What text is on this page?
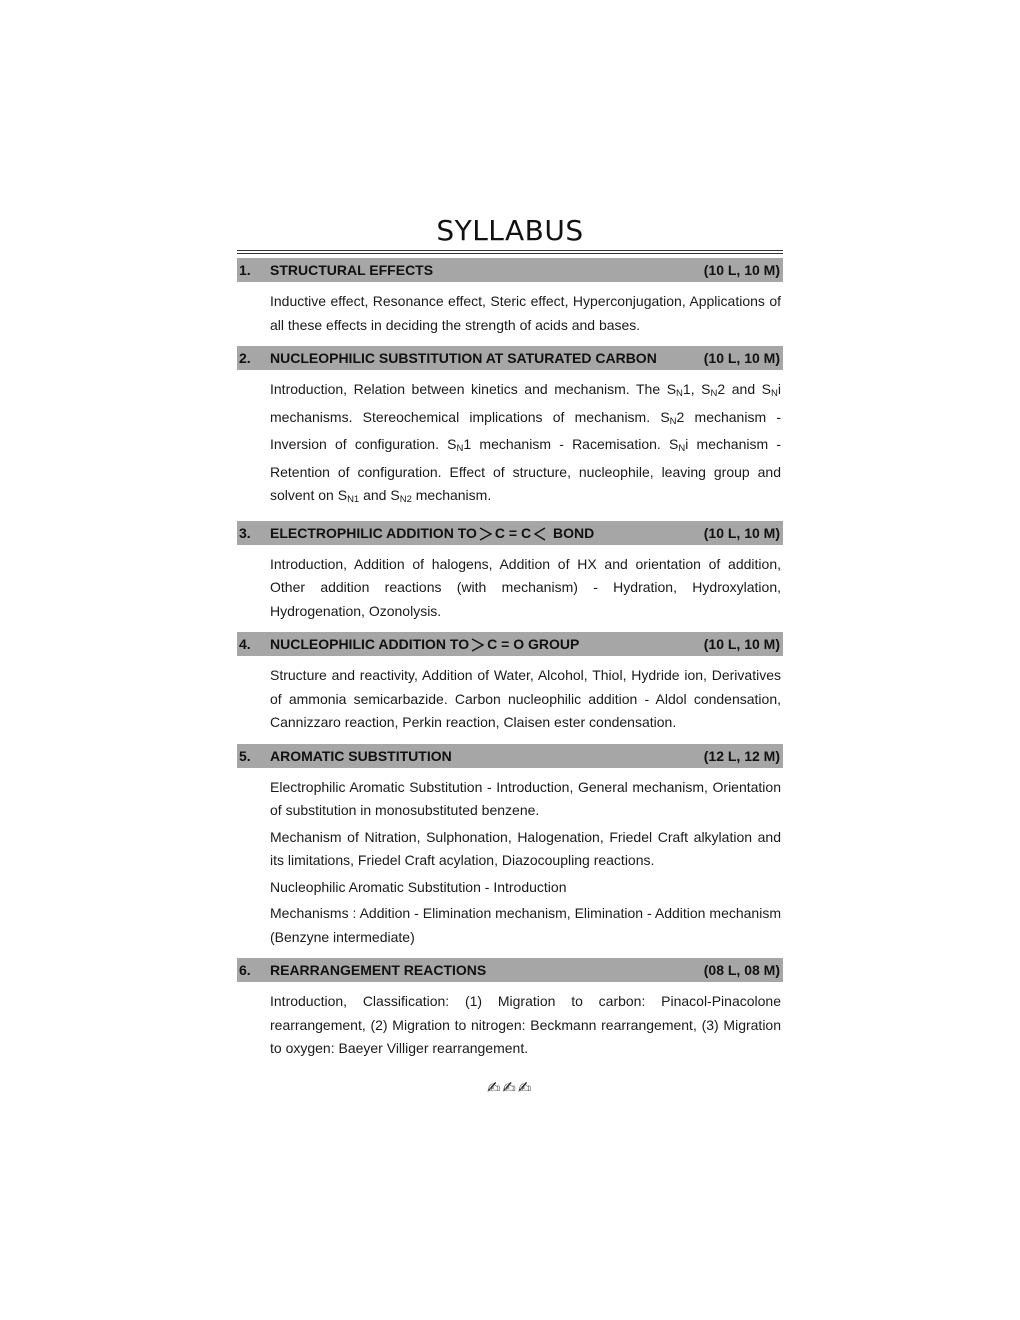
SYLLABUS
1. STRUCTURAL EFFECTS	(10 L, 10 M)

Inductive effect, Resonance effect, Steric effect, Hyperconjugation, Applications of all these effects in deciding the strength of acids and bases.

2. NUCLEOPHILIC SUBSTITUTION AT SATURATED CARBON	(10 L, 10 M)

Introduction, Relation between kinetics and mechanism. The $S_N1$, $S_N2$ and $S_Ni$ mechanisms. Stereochemical implications of mechanism. $S_N2$ mechanism - Inversion of configuration. $S_N1$ mechanism - Racemisation. $S_Ni$ mechanism - Retention of configuration. Effect of structure, nucleophile, leaving group and solvent on $S_{N1}$ and $S_{N2}$ mechanism.

3. ELECTROPHILIC ADDITION TO C = C BOND	(10 L, 10 M)

Introduction, Addition of halogens, Addition of HX and orientation of addition, Other addition reactions (with mechanism) - Hydration, Hydroxylation, Hydrogenation, Ozonolysis.

4. NUCLEOPHILIC ADDITION TO C = O GROUP	(10 L, 10 M)

Structure and reactivity, Addition of Water, Alcohol, Thiol, Hydride ion, Derivatives of ammonia semicarbazide. Carbon nucleophilic addition - Aldol condensation, Cannizzaro reaction, Perkin reaction, Claisen ester condensation.

5. AROMATIC SUBSTITUTION	(12 L, 12 M)

Electrophilic Aromatic Substitution - Introduction, General mechanism, Orientation of substitution in monosubstituted benzene.

Mechanism of Nitration, Sulphonation, Halogenation, Friedel Craft alkylation and its limitations, Friedel Craft acylation, Diazocoupling reactions.

Nucleophilic Aromatic Substitution - Introduction

Mechanisms : Addition - Elimination mechanism, Elimination - Addition mechanism (Benzyne intermediate)

6. REARRANGEMENT REACTIONS	(08 L, 08 M)

Introduction, Classification: (1) Migration to carbon: Pinacol-Pinacolone rearrangement, (2) Migration to nitrogen: Beckmann rearrangement, (3) Migration to oxygen: Baeyer Villiger rearrangement.

✍✍✍
